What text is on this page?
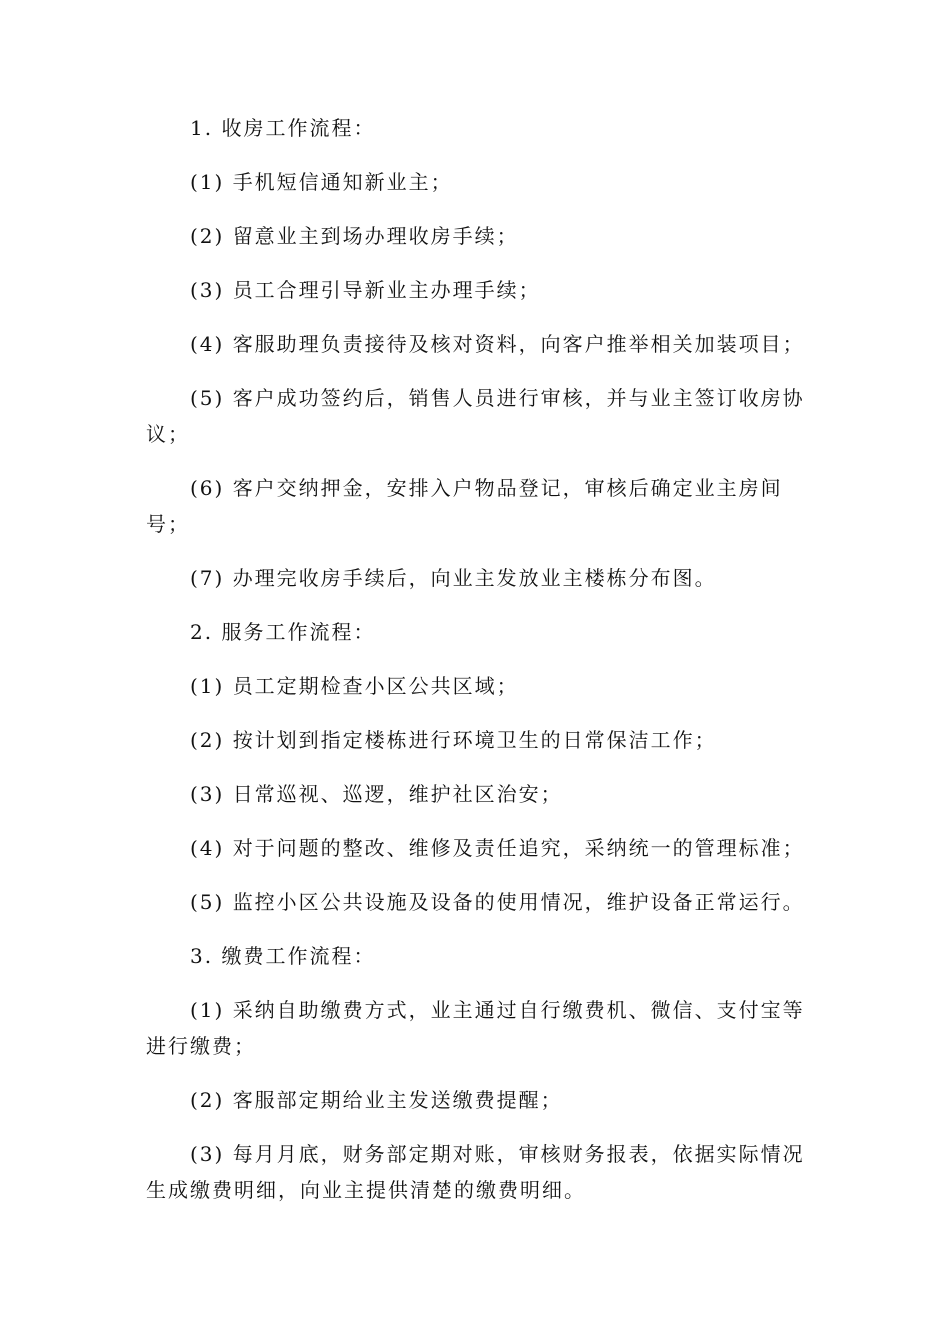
1. 收房工作流程：

(1) 手机短信通知新业主；

(2) 留意业主到场办理收房手续；

(3) 员工合理引导新业主办理手续；

(4) 客服助理负责接待及核对资料，向客户推举相关加装项目；

(5) 客户成功签约后，销售人员进行审核，并与业主签订收房协议；

(6) 客户交纳押金，安排入户物品登记，审核后确定业主房间号；

(7) 办理完收房手续后，向业主发放业主楼栋分布图。

2. 服务工作流程：

(1) 员工定期检查小区公共区域；

(2) 按计划到指定楼栋进行环境卫生的日常保洁工作；

(3) 日常巡视、巡逻，维护社区治安；

(4) 对于问题的整改、维修及责任追究，采纳统一的管理标准；

(5) 监控小区公共设施及设备的使用情况，维护设备正常运行。

3. 缴费工作流程：

(1) 采纳自助缴费方式，业主通过自行缴费机、微信、支付宝等进行缴费；

(2) 客服部定期给业主发送缴费提醒；

(3) 每月月底，财务部定期对账，审核财务报表，依据实际情况生成缴费明细，向业主提供清楚的缴费明细。
